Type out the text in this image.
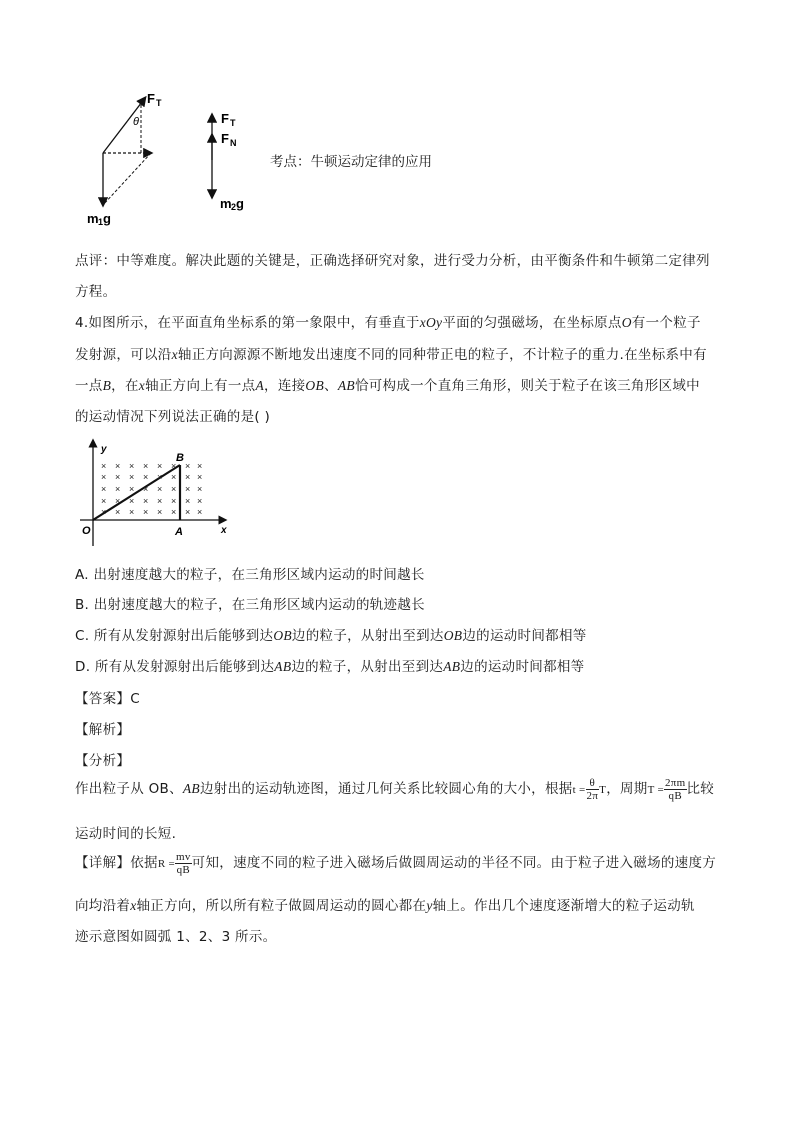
F T
θ
m 1 g
F T
F N
m 2 g
考点：牛顿运动定律的应用
点评：中等难度。解决此题的关键是，正确选择研究对象，进行受力分析，由平衡条件和牛顿第二定律列
方程。
4.如图所示，在平面直角坐标系的第一象限中，有垂直于xOy平面的匀强磁场，在坐标原点O有一个粒子
发射源，可以沿x轴正方向源源不断地发出速度不同的同种带正电的粒子，不计粒子的重力.在坐标系中有
一点B，在x轴正方向上有一点A，连接OB、AB恰可构成一个直角三角形，则关于粒子在该三角形区域中
的运动情况下列说法正确的是( )
× × × × × × × ×
× × × × × × × ×
× × × × × × × ×
× × × × × × × ×
× × × × × × × ×
y
x
O	A
B
A. 出射速度越大的粒子，在三角形区域内运动的时间越长
B. 出射速度越大的粒子，在三角形区域内运动的轨迹越长
C. 所有从发射源射出后能够到达OB边的粒子，从射出至到达OB边的运动时间都相等
D. 所有从发射源射出后能够到达AB边的粒子，从射出至到达AB边的运动时间都相等
【答案】C
【解析】
【分析】
作出粒子从 OB、AB边射出的运动轨迹图，通过几何关系比较圆心角的大小，根据$t = \frac{\theta}{2\pi}$ T，周期$T = \frac{2\pi m}{qB}$ 比较
运动时间的长短.
【详解】依据$R = \frac{mv}{qB}$ 可知，速度不同的粒子进入磁场后做圆周运动的半径不同。由于粒子进入磁场的速度方
向均沿着x轴正方向，所以所有粒子做圆周运动的圆心都在y轴上。作出几个速度逐渐增大的粒子运动轨
迹示意图如圆弧 1、2、3 所示。
